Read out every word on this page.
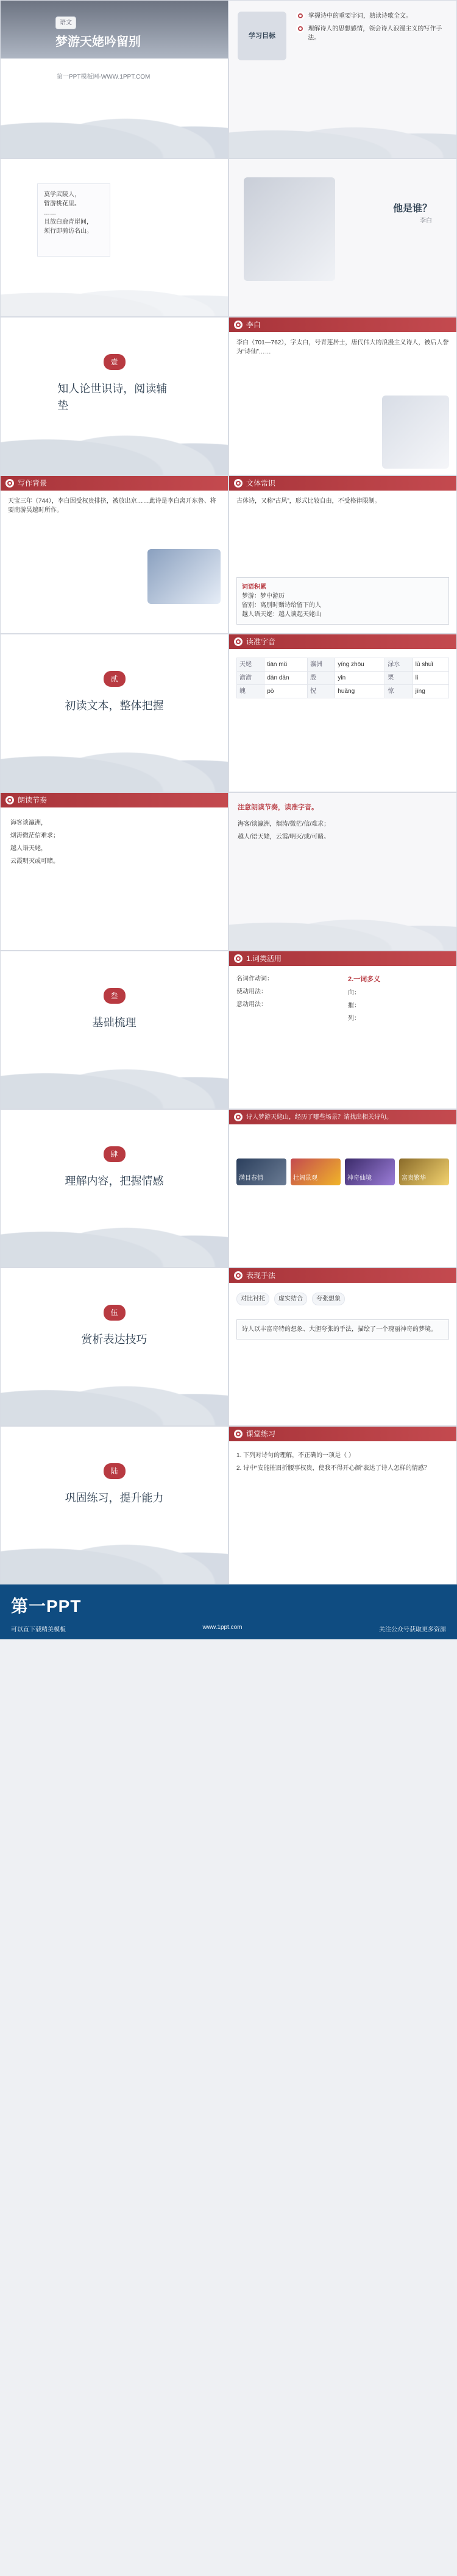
语文
梦游天姥吟留别
第一PPT模板网-WWW.1PPT.COM
学习目标
掌握诗中的重要字词，熟读诗歌全文。
理解诗人的思想感情，领会诗人浪漫主义的写作手法。
莫学武陵人，
暂游桃花里。
……
且放白鹿青崖间，
须行即骑访名山。
他是谁？
李白
壹
知人论世识诗，阅读辅垫
李白
李白（701—762），字太白，号青莲居士，唐代伟大的浪漫主义诗人，被后人誉为“诗仙”……
写作背景
天宝三年（744），李白因受权贵排挤，被放出京……此诗是李白离开东鲁、将要南游吴越时所作。
文体常识
古体诗，又称“古风”，形式比较自由，不受格律限制。
词语积累
梦游：梦中游历
留别：离别时赠诗给留下的人
越人语天姥：越人谈起天姥山
贰
初读文本，整体把握
读准字音
天姥	tiān mǔ	瀛洲	yíng zhōu	渌水	lù shuǐ
澹澹	dàn dàn	殷	yǐn	栗	lì
魄	pò	怳	huǎng	惊	jīng
朗读节奏
海客谈瀛洲，
烟涛微茫信难求；
越人语天姥，
云霞明灭或可睹。
注意朗读节奏，读准字音。
海客/谈瀛洲，烟涛/微茫/信/难求；
越人/语天姥，云霞/明灭/或/可睹。
叁
基础梳理
1.词类活用
名词作动词：
使动用法：
意动用法：
2.一词多义
向：
摧：
列：
肆
理解内容，把握情感
诗人梦游天姥山，经历了哪些场景？请找出相关诗句。
满目春情	壮阔景观	神奇仙境	富贵繁华
伍
赏析表达技巧
表现手法
对比衬托	虚实结合	夸张想象
诗人以丰富奇特的想象、大胆夸张的手法，描绘了一个瑰丽神奇的梦境。
陆
巩固练习，提升能力
课堂练习
1. 下列对诗句的理解，不正确的一项是（ ）
2. 诗中“安能摧眉折腰事权贵，使我不得开心颜”表达了诗人怎样的情感？
第一PPT
可以直下载精美模板	www.1ppt.com	关注公众号获取更多资源
